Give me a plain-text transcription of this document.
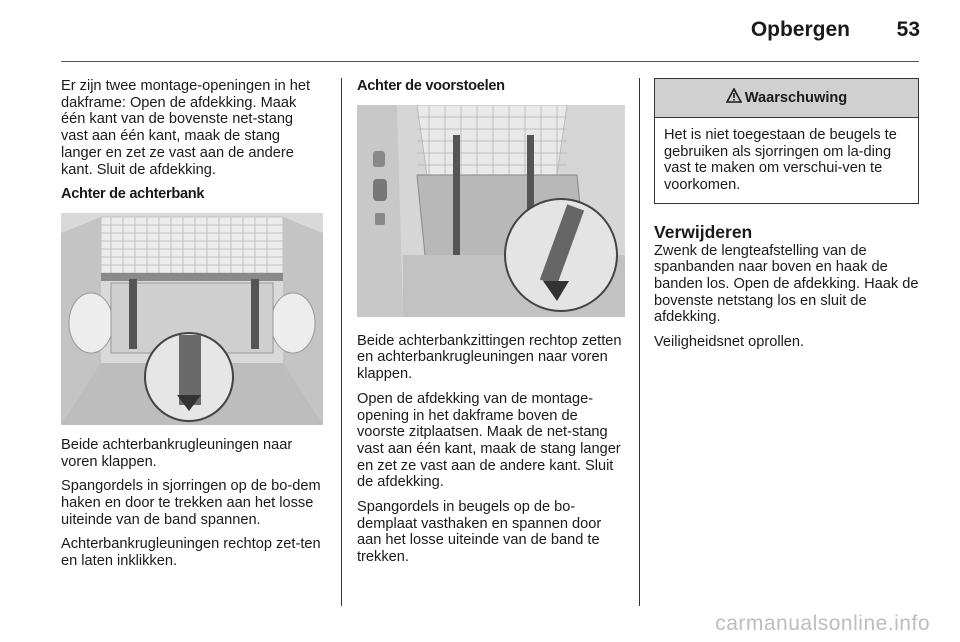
Opbergen	53

Er zijn twee montage-openingen in het dakframe: Open de afdekking. Maak één kant van de bovenste net-stang vast aan één kant, maak de stang langer en zet ze vast aan de andere kant. Sluit de afdekking.

Achter de achterbank

Beide achterbankrugleuningen naar voren klappen.

Spangordels in sjorringen op de bo-dem haken en door te trekken aan het losse uiteinde van de band spannen.

Achterbankrugleuningen rechtop zet-ten en laten inklikken.

Achter de voorstoelen

Beide achterbankzittingen rechtop zetten en achterbankrugleuningen naar voren klappen.

Open de afdekking van de montage-opening in het dakframe boven de voorste zitplaatsen. Maak de net-stang vast aan één kant, maak de stang langer en zet ze vast aan de andere kant. Sluit de afdekking.

Spangordels in beugels op de bo-demplaat vasthaken en spannen door aan het losse uiteinde van de band te trekken.

Waarschuwing
Het is niet toegestaan de beugels te gebruiken als sjorringen om la-ding vast te maken om verschui-ven te voorkomen.
Verwijderen

Zwenk de lengteafstelling van de spanbanden naar boven en haak de banden los. Open de afdekking. Haak de bovenste netstang los en sluit de afdekking.

Veiligheidsnet oprollen.

carmanualsonline.info
